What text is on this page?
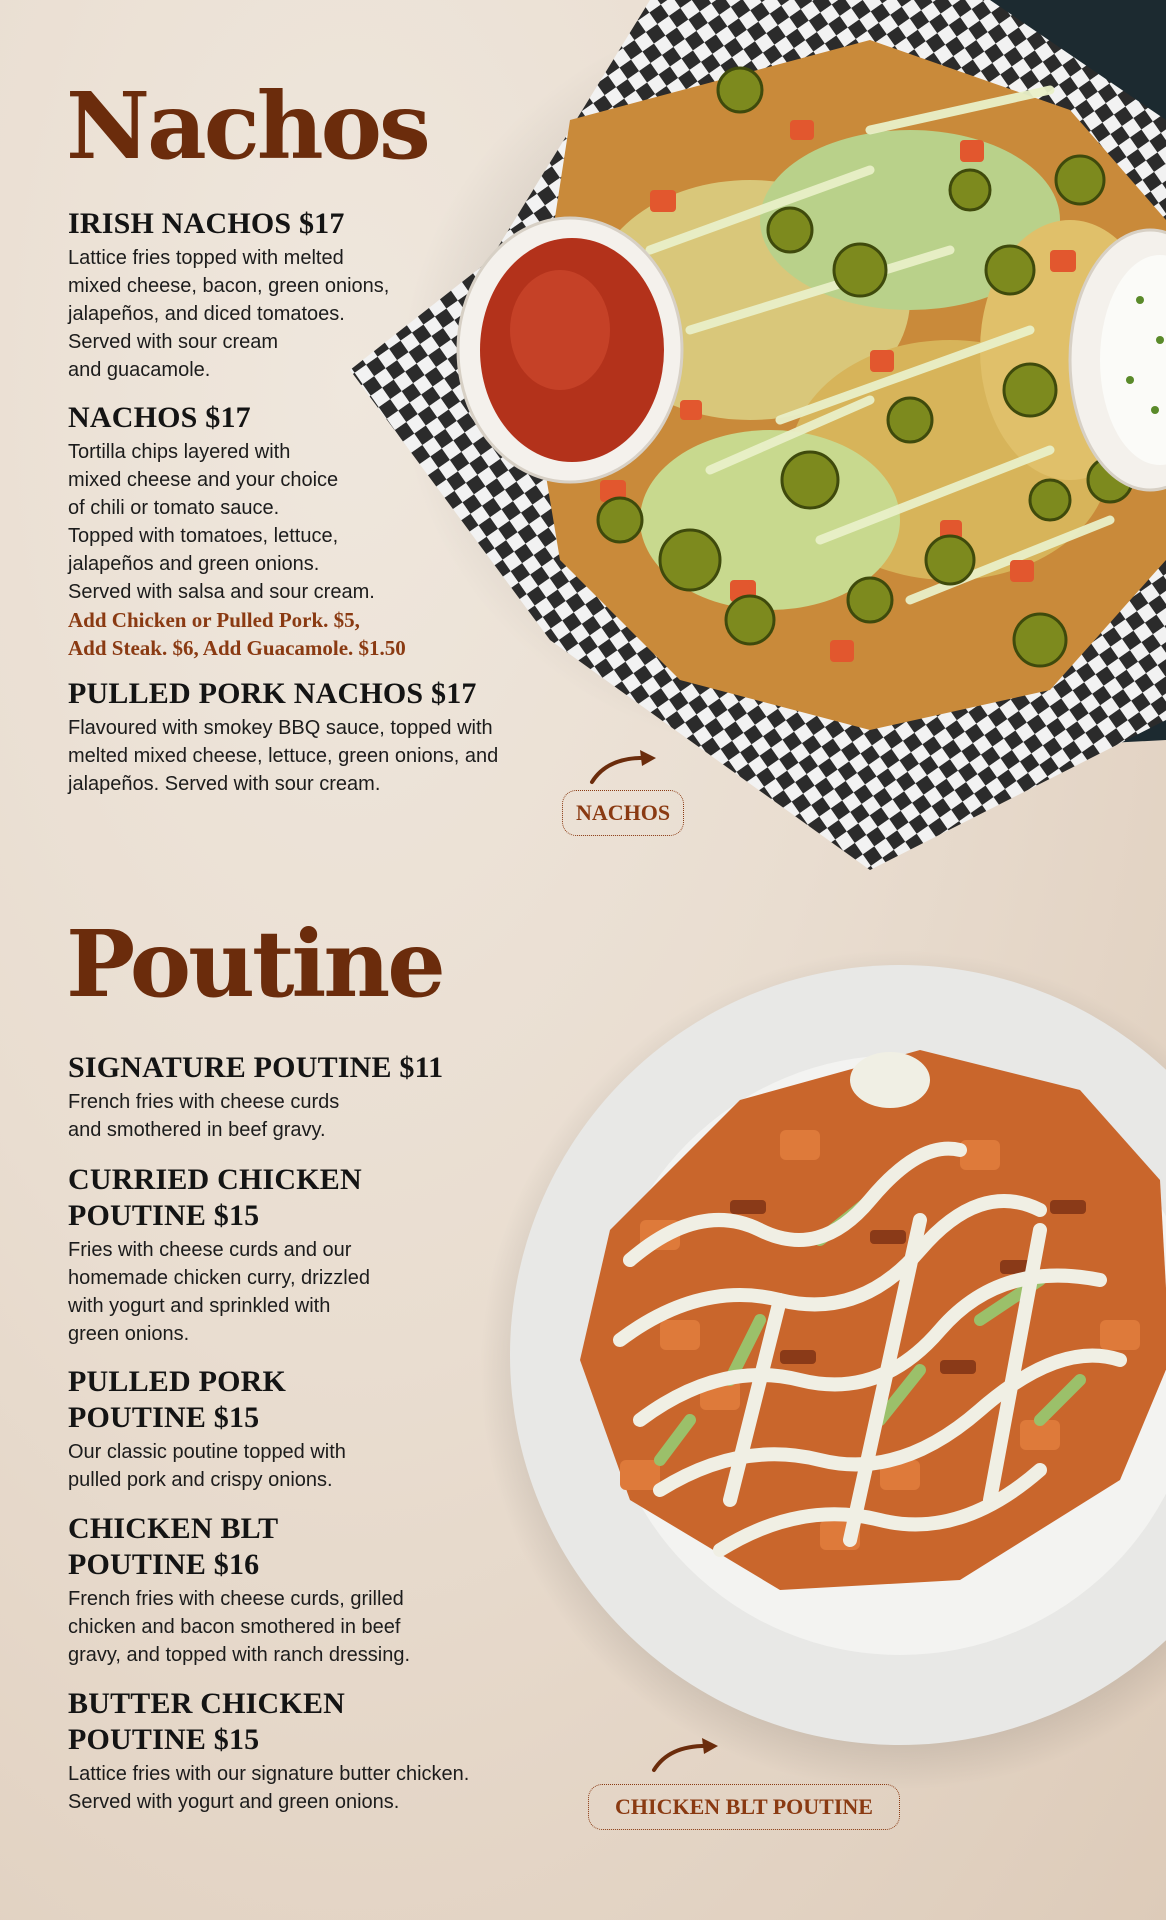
Nachos
IRISH NACHOS $17
Lattice fries topped with melted
mixed cheese, bacon, green onions,
jalapeños, and diced tomatoes.
Served with sour cream
and guacamole.
NACHOS $17
Tortilla chips layered with
mixed cheese and your choice
of chili or tomato sauce.
Topped with tomatoes, lettuce,
jalapeños and green onions.
Served with salsa and sour cream.
Add Chicken or Pulled Pork. $5,
Add Steak. $6, Add Guacamole. $1.50
PULLED PORK NACHOS $17
Flavoured with smokey BBQ sauce, topped with
melted mixed cheese, lettuce, green onions, and
jalapeños. Served with sour cream.
NACHOS
Poutine
SIGNATURE POUTINE $11
French fries with cheese curds
and smothered in beef gravy.
CURRIED CHICKEN
POUTINE $15
Fries with cheese curds and our
homemade chicken curry, drizzled
with yogurt and sprinkled with
green onions.
PULLED PORK
POUTINE $15
Our classic poutine topped with
pulled pork and crispy onions.
CHICKEN BLT
POUTINE $16
French fries with cheese curds, grilled
chicken and bacon smothered in beef
gravy, and topped with ranch dressing.
BUTTER CHICKEN
POUTINE $15
Lattice fries with our signature butter chicken.
Served with yogurt and green onions.	CHICKEN BLT POUTINE
